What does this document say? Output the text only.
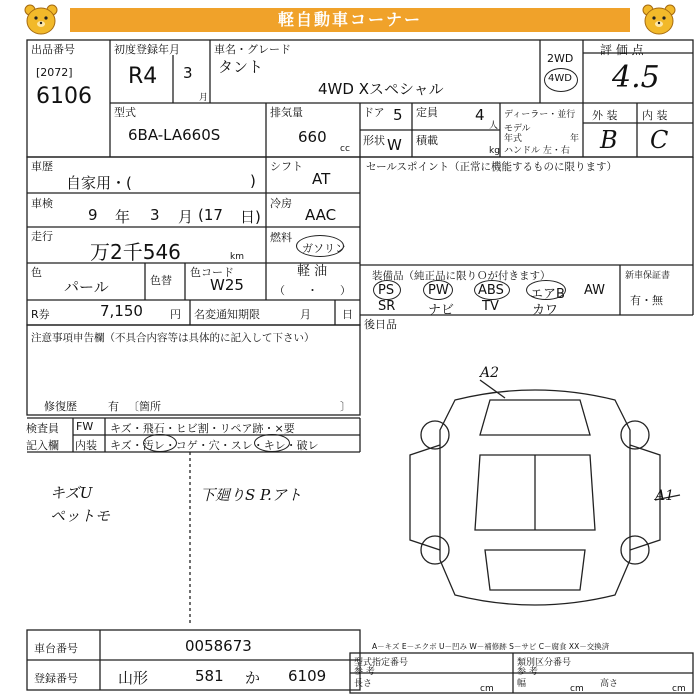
軽自動車コーナー
出品番号
[2072]
6106
初度登録年月
R4 3
月
車名・グレード
タント
4WD Xスペシャル
2WD
4WD
評 価 点
4.5
型式
6BA-LA660S
排気量
660
cc
ドア 5 定員 4
人
形状 W 積載
kg
ディーラー・並行
モデル
年式	年
ハンドル 左・右
外 装 内 装
B C
車歴
自家用・(	)
シフト
AT
セールスポイント（正常に機能するものに限ります）
車検
9 年 3 月 (17 日)
冷房
AAC
走行
万2千546	km
燃料
ガソリン
軽 油
（　　・　　）
色
パール	色替
色コード
W25
R券	7,150 円 名変通知期限	月	日
装備品（純正品に限りＯが付きます）
PS	PW ABS エアB AW
SR	ナビ TV	カワ
新車保証書
有・無
後日品
注意事項申告欄（不具合内容等は具体的に記入して下さい）
修復歴	有 〔箇所	〕
検査員
記入欄
FW
内装
キズ・飛石・ヒビ割・リペア跡・×要
キズ・汚レ・コゲ・穴・スレ・キレ・破レ
キズU
ペットモ
下廻りS P.アト
A2
A1
A－キズ E－エクボ U－凹み W－補修跡 S－サビ C－腐食 XX－交換済
車台番号	0058673
登録番号	山形	581 か 6109
型式指定番号	類別区分番号
参 考	参 考
長さ	cm	幅	cm 高さ	cm
